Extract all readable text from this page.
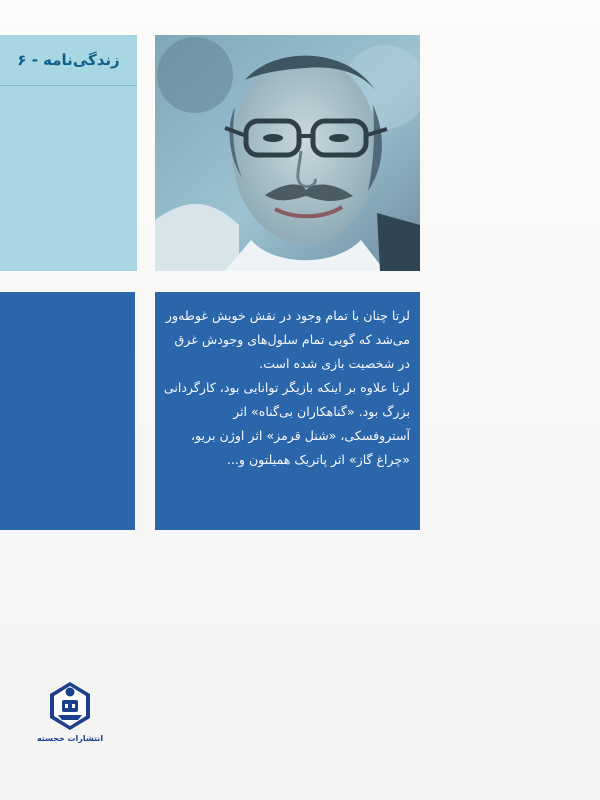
زندگی‌نامه - ۶

لرتا چنان با تمام وجود در نقش خویش غوطه‌ور می‌شد که گویی تمام سلول‌های وجودش غرق در شخصیت بازی شده است.

لرتا علاوه بر اینکه بازیگر توانایی بود، کارگردانی بزرگ بود. «گناهکاران بی‌گناه» اثر آستروفسکی، «شنل قرمز» اثر اوژن بریو، «چراغ گاز» اثر پاتریک همیلتون و...

انتشارات خجسته
